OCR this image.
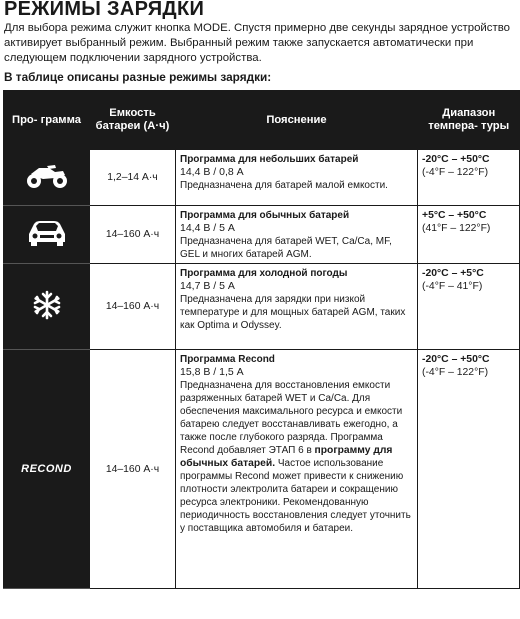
РЕЖИМЫ ЗАРЯДКИ

Для выбора режима служит кнопка MODE. Спустя примерно две секунды зарядное устройство активирует выбранный режим. Выбранный режим также запускается автоматически при следующем подключении зарядного устройства.

В таблице описаны разные режимы зарядки:

Про- грамма	Емкость батареи (А·ч)	Пояснение	Диапазон темпера- туры
	1,2–14 А·ч	Программа для небольших батарей
14,4 В / 0,8 А
Предназначена для батарей малой емкости.	-20°C – +50°C
(-4°F – 122°F)

	14–160 А·ч	Программа для обычных батарей
14,4 В / 5 А
Предназначена для батарей WET, Ca/Ca, MF, GEL и многих батарей AGM.	+5°C – +50°C
(41°F – 122°F)

	14–160 А·ч	Программа для холодной погоды
14,7 В / 5 А
Предназначена для зарядки при низкой температуре и для мощных батарей AGM, таких как Optima и Odyssey.	-20°C – +5°C
(-4°F – 41°F)

RECOND	14–160 А·ч	Программа Recond
15,8 В / 1,5 А
Предназначена для восстановления емкости разряженных батарей WET и Ca/Ca. Для обеспечения максимального ресурса и емкости батарею следует восстанавливать ежегодно, а также после глубокого разряда. Программа Recond добавляет ЭТАП 6 в программу для обычных батарей. Частое использование программы Recond может привести к снижению плотности электролита батареи и сокращению ресурса электроники. Рекомендованную периодичность восстановления следует уточнить у поставщика автомобиля и батареи.	-20°C – +50°C
(-4°F – 122°F)
